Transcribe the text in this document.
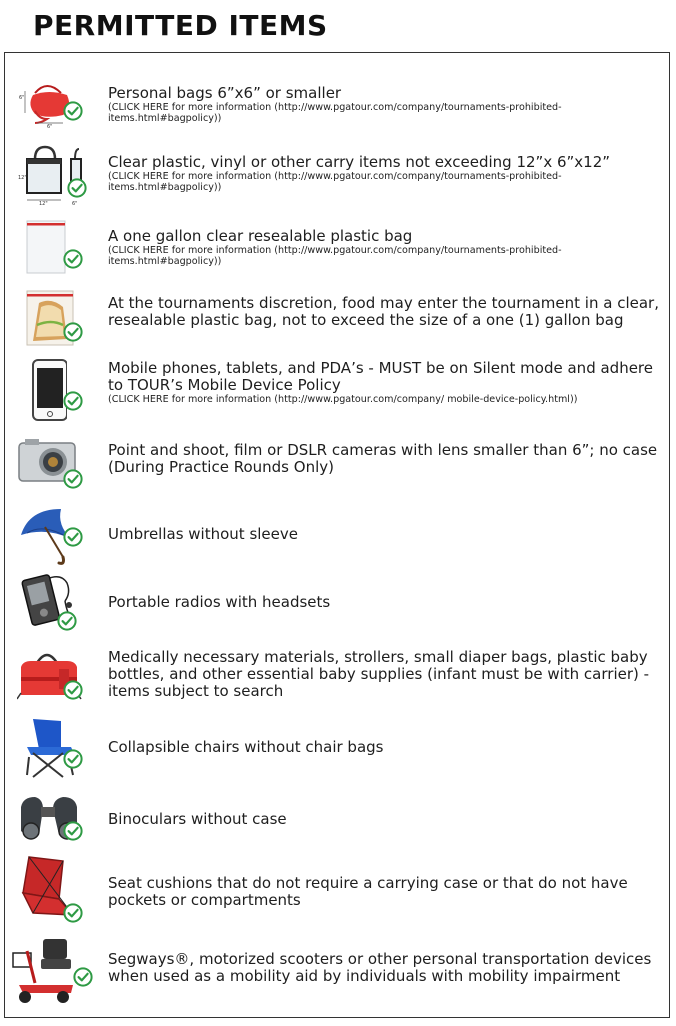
PERMITTED ITEMS
6"
6"	Personal bags 6”x6” or smaller
(CLICK HERE for more information (http://www.pgatour.com/company/tournaments-prohibited-items.html#bagpolicy))
12"
12"
6"
Clear plastic, vinyl or other carry items not exceeding 12”x 6”x12”
(CLICK HERE for more information (http://www.pgatour.com/company/tournaments-prohibited- items.html#bagpolicy))
A one gallon clear resealable plastic bag
(CLICK HERE for more information (http://www.pgatour.com/company/tournaments-prohibited- items.html#bagpolicy))
At the tournaments discretion, food may enter the tournament in a clear, resealable plastic bag, not to exceed the size of a one (1) gallon bag
Mobile phones, tablets, and PDA’s - MUST be on Silent mode and adhere to TOUR’s Mobile Device Policy
(CLICK HERE for more information (http://www.pgatour.com/company/ mobile-device-policy.html))
Point and shoot, film or DSLR cameras with lens smaller than 6”; no case (During Practice Rounds Only)
Umbrellas without sleeve
Portable radios with headsets
Medically necessary materials, strollers, small diaper bags, plastic baby bottles, and other essential baby supplies (infant must be with carrier) - items subject to search
Collapsible chairs without chair bags
Binoculars without case
Seat cushions that do not require a carrying case or that do not have pockets or compartments
Segways®, motorized scooters or other personal transportation devices when used as a mobility aid by individuals with mobility impairment
